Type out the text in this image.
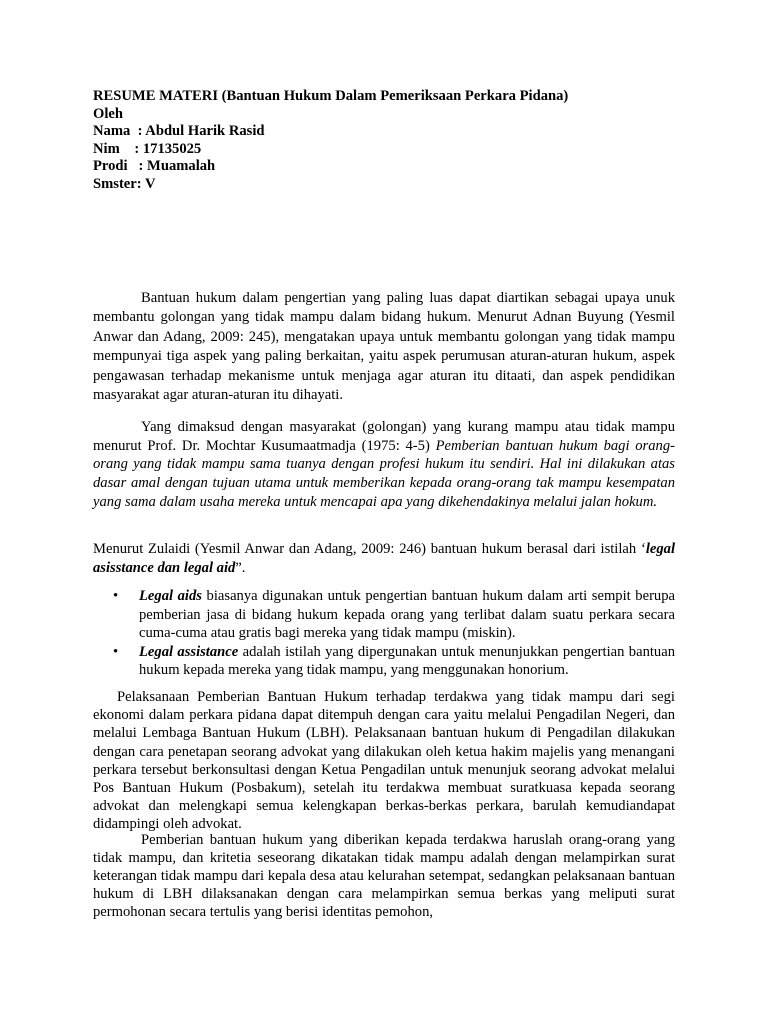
RESUME MATERI (Bantuan Hukum Dalam Pemeriksaan Perkara Pidana)
Oleh
Nama  : Abdul Harik Rasid
Nim    : 17135025
Prodi   : Muamalah
Smster: V

Bantuan hukum dalam pengertian yang paling luas dapat diartikan sebagai upaya unuk membantu golongan yang tidak mampu dalam bidang hukum. Menurut Adnan Buyung (Yesmil Anwar dan Adang, 2009: 245), mengatakan upaya untuk membantu golongan yang tidak mampu mempunyai tiga aspek yang paling berkaitan, yaitu aspek perumusan aturan-aturan hukum, aspek pengawasan terhadap mekanisme untuk menjaga agar aturan itu ditaati, dan aspek pendidikan masyarakat agar aturan-aturan itu dihayati.

Yang dimaksud dengan masyarakat (golongan) yang kurang mampu atau tidak mampu menurut Prof. Dr. Mochtar Kusumaatmadja (1975: 4-5) Pemberian bantuan hukum bagi orang-orang yang tidak mampu sama tuanya dengan profesi hukum itu sendiri. Hal ini dilakukan atas dasar amal dengan tujuan utama untuk memberikan kepada orang-orang tak mampu kesempatan yang sama dalam usaha mereka untuk mencapai apa yang dikehendakinya melalui jalan hokum.

Menurut Zulaidi (Yesmil Anwar dan Adang, 2009: 246) bantuan hukum berasal dari istilah ‘legal asisstance dan legal aid”.

• Legal aids biasanya digunakan untuk pengertian bantuan hukum dalam arti sempit berupa pemberian jasa di bidang hukum kepada orang yang terlibat dalam suatu perkara secara cuma-cuma atau gratis bagi mereka yang tidak mampu (miskin).
• Legal assistance adalah istilah yang dipergunakan untuk menunjukkan pengertian bantuan hukum kepada mereka yang tidak mampu, yang menggunakan honorium.

Pelaksanaan Pemberian Bantuan Hukum terhadap terdakwa yang tidak mampu dari segi ekonomi dalam perkara pidana dapat ditempuh dengan cara yaitu melalui Pengadilan Negeri, dan melalui Lembaga Bantuan Hukum (LBH). Pelaksanaan bantuan hukum di Pengadilan dilakukan dengan cara penetapan seorang advokat yang dilakukan oleh ketua hakim majelis yang menangani perkara tersebut berkonsultasi dengan Ketua Pengadilan untuk menunjuk seorang advokat melalui Pos Bantuan Hukum (Posbakum), setelah itu terdakwa membuat suratkuasa kepada seorang advokat dan melengkapi semua kelengkapan berkas-berkas perkara, barulah kemudiandapat didampingi oleh advokat.

Pemberian bantuan hukum yang diberikan kepada terdakwa haruslah orang-orang yang tidak mampu, dan kritetia seseorang dikatakan tidak mampu adalah dengan melampirkan surat keterangan tidak mampu dari kepala desa atau kelurahan setempat, sedangkan pelaksanaan bantuan hukum di LBH dilaksanakan dengan cara melampirkan semua berkas yang meliputi surat permohonan secara tertulis yang berisi identitas pemohon,
